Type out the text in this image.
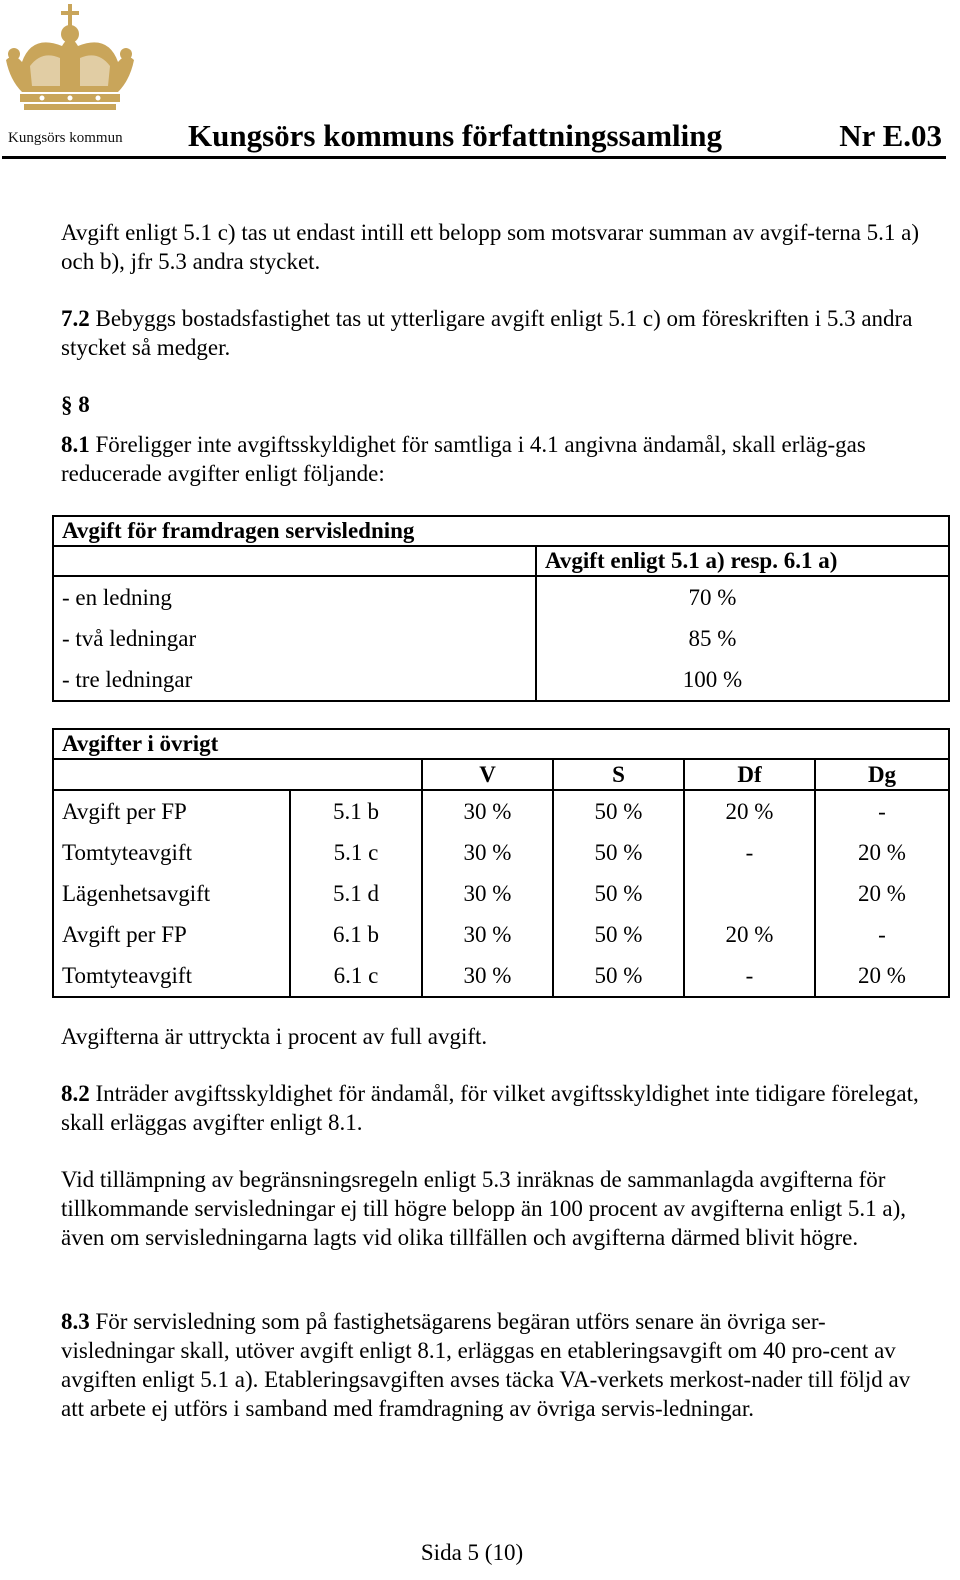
Kungsörs kommun Kungsörs kommuns författningssamling	Nr E.03

Avgift enligt 5.1 c) tas ut endast intill ett belopp som motsvarar summan av avgif-terna 5.1 a) och b), jfr 5.3 andra stycket.

7.2 Bebyggs bostadsfastighet tas ut ytterligare avgift enligt 5.1 c) om föreskriften i 5.3 andra stycket så medger.

§ 8

8.1 Föreligger inte avgiftsskyldighet för samtliga i 4.1 angivna ändamål, skall erläg-gas reducerade avgifter enligt följande:

Avgift för framdragen servisledning	
	Avgift enligt 5.1 a) resp. 6.1 a)
- en ledning	70 %
- två ledningar	85 %
- tre ledningar	100 %
Avgifter i övrigt					
		V	S	Df	Dg
Avgift per FP	5.1 b	30 %	50 %	20 %	-
Tomtyteavgift	5.1 c	30 %	50 %	-	20 %
Lägenhetsavgift	5.1 d	30 %	50 %		20 %
Avgift per FP	6.1 b	30 %	50 %	20 %	-
Tomtyteavgift	6.1 c	30 %	50 %	-	20 %

Avgifterna är uttryckta i procent av full avgift.

8.2 Inträder avgiftsskyldighet för ändamål, för vilket avgiftsskyldighet inte tidigare förelegat, skall erläggas avgifter enligt 8.1.

Vid tillämpning av begränsningsregeln enligt 5.3 inräknas de sammanlagda avgifterna för tillkommande servisledningar ej till högre belopp än 100 procent av avgifterna enligt 5.1 a), även om servisledningarna lagts vid olika tillfällen och avgifterna därmed blivit högre.

8.3 För servisledning som på fastighetsägarens begäran utförs senare än övriga ser-visledningar skall, utöver avgift enligt 8.1, erläggas en etableringsavgift om 40 pro-cent av avgiften enligt 5.1 a). Etableringsavgiften avses täcka VA-verkets merkost-nader till följd av att arbete ej utförs i samband med framdragning av övriga servis-ledningar.

Sida 5 (10)
